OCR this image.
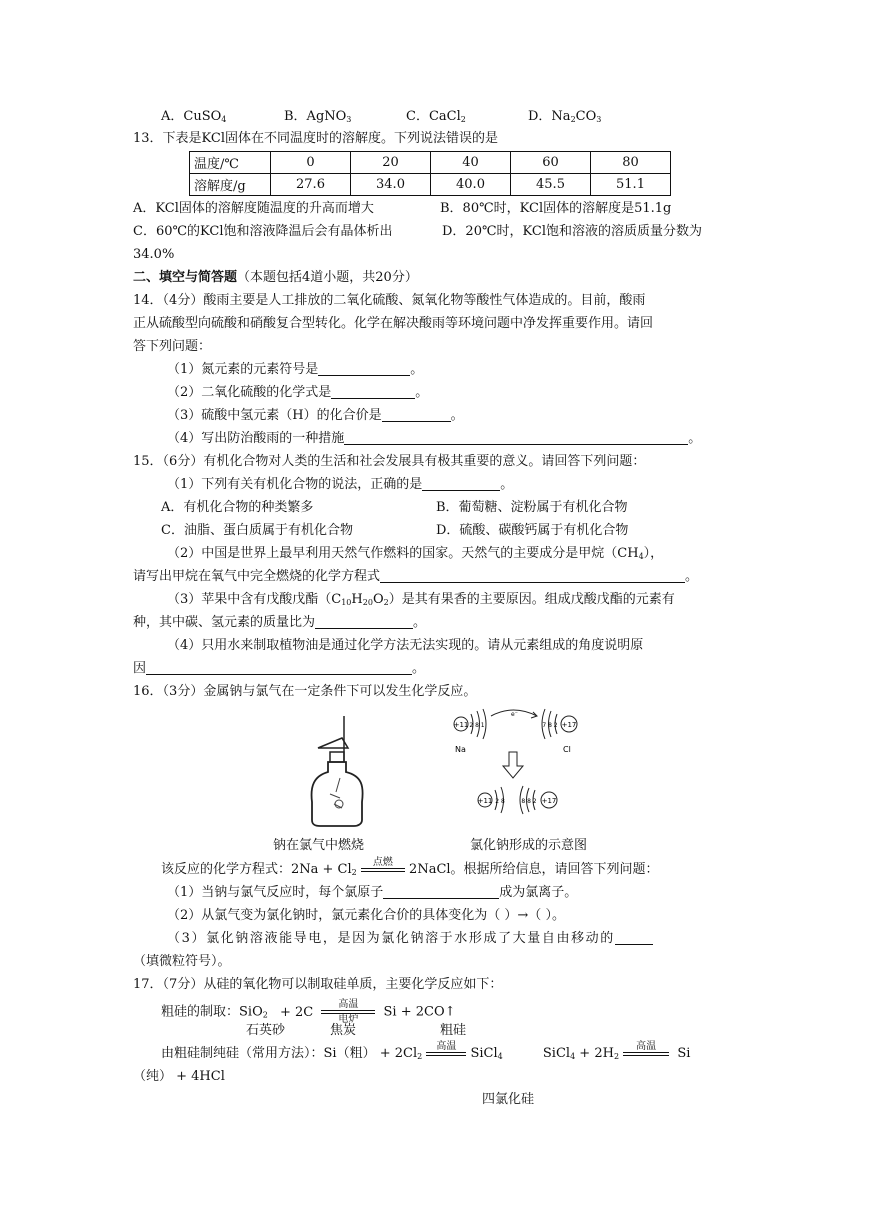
A．CuSO$_4$	B．AgNO$_3$	C．CaCl$_2$	D．$Na_2CO_3$
13．下表是KCl固体在不同温度时的溶解度。下列说法错误的是
温度/℃	0	20	40	60	80
溶解度/g	27.6	34.0	40.0	45.5	51.1
A．KCl固体的溶解度随温度的升高而增大	B．80℃时，KCl固体的溶解度是51.1g
C．60℃的KCl饱和溶液降温后会有晶体析出	D．20℃时，KCl饱和溶液的溶质质量分数为
34.0%
二、填空与简答题（本题包括4道小题，共20分）
14．（4分）酸雨主要是人工排放的二氧化硫酸、氮氧化物等酸性气体造成的。目前，酸雨
正从硫酸型向硫酸和硝酸复合型转化。化学在解决酸雨等环境问题中净发挥重要作用。请回
答下列问题：
（1）氮元素的元素符号是	。
（2）二氧化硫酸的化学式是	。
（3）硫酸中氢元素（H）的化合价是	。
（4）写出防治酸雨的一种措施	。
15．（6分）有机化合物对人类的生活和社会发展具有极其重要的意义。请回答下列问题：
（1）下列有关有机化合物的说法，正确的是	。
A．有机化合物的种类繁多	B．葡萄糖、淀粉属于有机化合物
C．油脂、蛋白质属于有机化合物	D．硫酸、碳酸钙属于有机化合物
（2）中国是世界上最早利用天然气作燃料的国家。天然气的主要成分是甲烷$(CH_4)$，
请写出甲烷在氧气中完全燃烧的化学方程式	。
（3）苹果中含有戊酸戊酯$(C_{10}H_{20}O_2)$是其有果香的主要原因。组成戊酸戊酯的元素有
种，其中碳、氢元素的质量比为	。
（4）只用水来制取植物油是通过化学方法无法实现的。请从元素组成的角度说明原
因	。
16．（3分）金属钠与氯气在一定条件下可以发生化学反应。
+11 2 8 1
Na
e⁻
7 8 2 +17
Cl
+11 2 8	8 8 2 +17
钠在氯气中燃烧	氯化钠形成的示意图
该反应的化学方程式：$2Na + Cl_2$
点燃	2NaCl。根据所给信息，请回答下列问题：
（1）当钠与氯气反应时，每个氯原子	成为氯离子。
（2）从氯气变为氯化钠时，氯元素化合价的具体变化为（ ）→（ ）。
（3）氯化钠溶液能导电，是因为氯化钠溶于水形成了大量自由移动的
（填微粒符号）。
17．（7分）从硅的氧化物可以制取硅单质，主要化学反应如下：
粗硅的制取：SiO$_2$ + 2C	高温
电炉	Si + 2CO↑
石英砂	焦炭	粗硅
由粗硅制纯硅（常用方法）：Si（粗） + $2Cl_2$
高温	SiCl$_4$	SiCl$_4$ + $2H_2$
高温	Si
（纯） + 4HCl
四氯化硅
